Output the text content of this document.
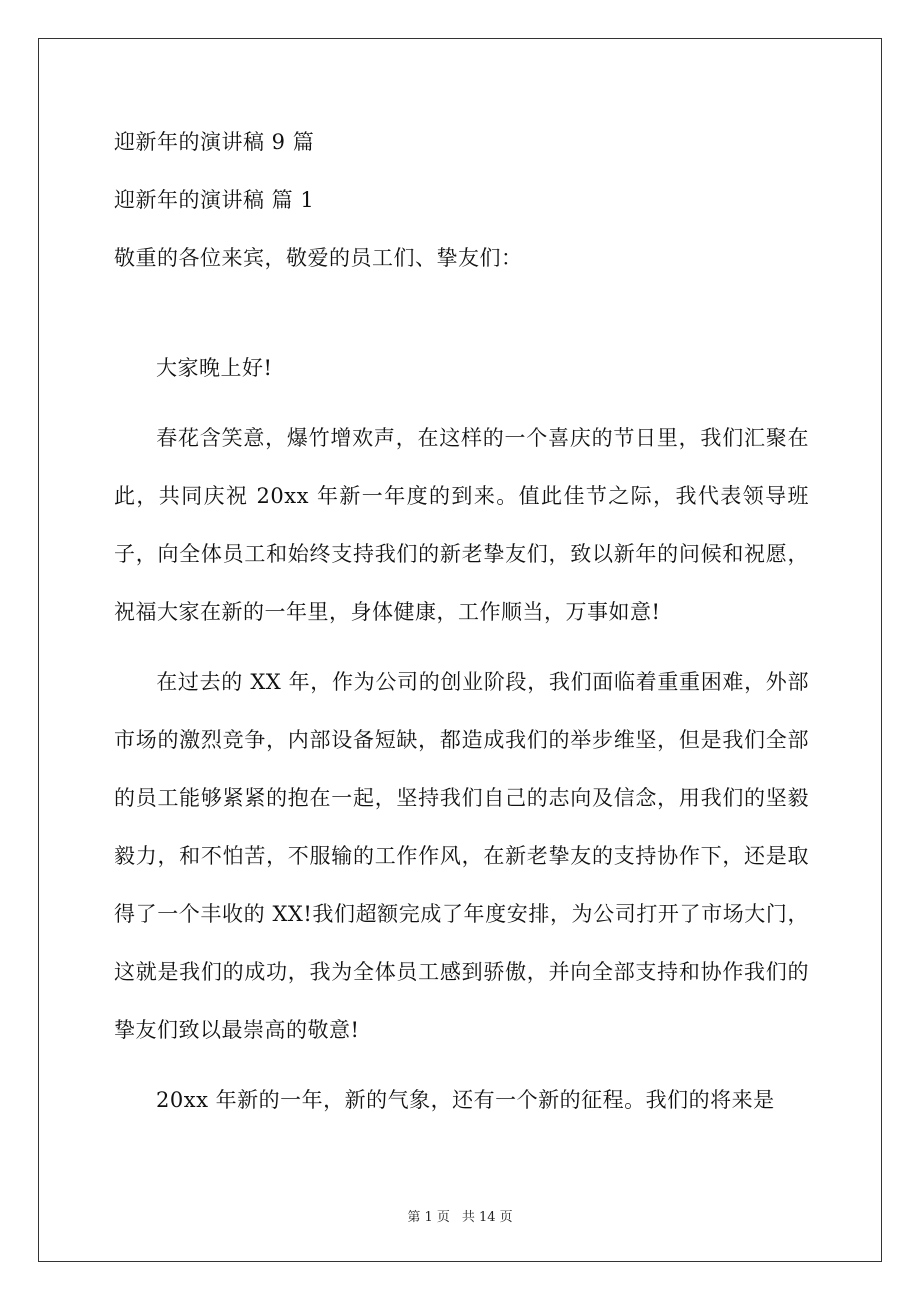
迎新年的演讲稿 9 篇

迎新年的演讲稿 篇 1

敬重的各位来宾，敬爱的员工们、挚友们：

大家晚上好!

春花含笑意，爆竹增欢声，在这样的一个喜庆的节日里，我们汇聚在此，共同庆祝 20xx 年新一年度的到来。值此佳节之际，我代表领导班子，向全体员工和始终支持我们的新老挚友们，致以新年的问候和祝愿，祝福大家在新的一年里，身体健康，工作顺当，万事如意!

在过去的 XX 年，作为公司的创业阶段，我们面临着重重困难，外部市场的激烈竞争，内部设备短缺，都造成我们的举步维坚，但是我们全部的员工能够紧紧的抱在一起，坚持我们自己的志向及信念，用我们的坚毅毅力，和不怕苦，不服输的工作作风，在新老挚友的支持协作下，还是取得了一个丰收的 XX!我们超额完成了年度安排，为公司打开了市场大门，这就是我们的成功，我为全体员工感到骄傲，并向全部支持和协作我们的挚友们致以最崇高的敬意!

20xx 年新的一年，新的气象，还有一个新的征程。我们的将来是

第 1 页 共 14 页
